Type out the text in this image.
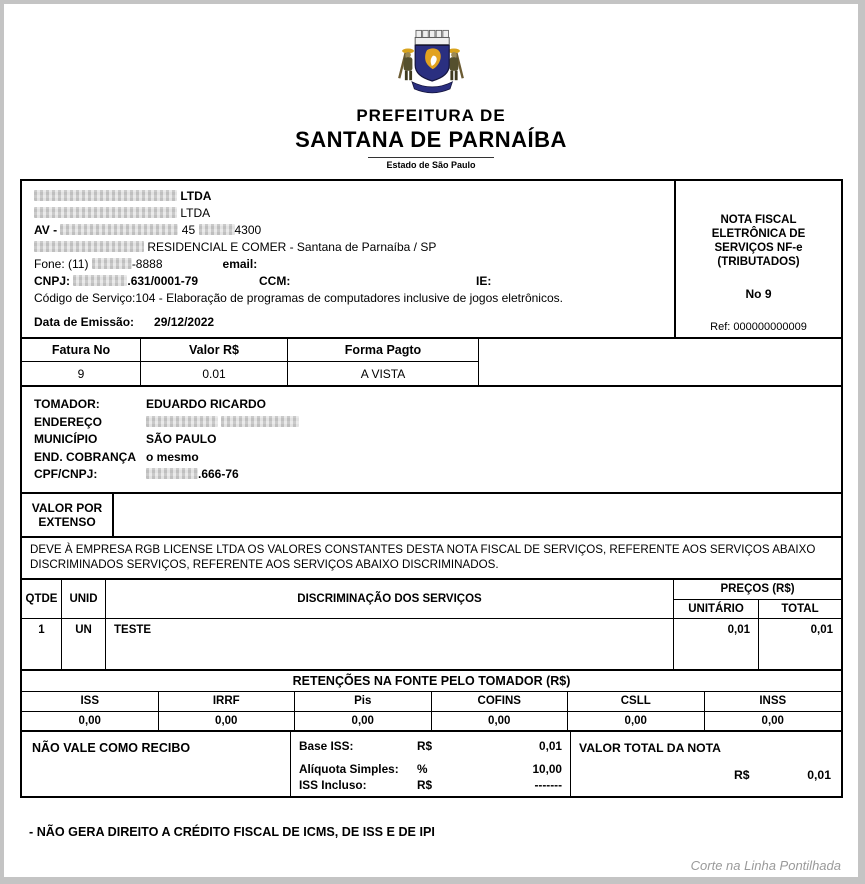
PREFEITURA DE
SANTANA DE PARNAÍBA
Estado de São Paulo
LTDA
LTDA
AV -	45	4300
RESIDENCIAL E COMER - Santana de Parnaíba / SP
Fone: (11)	-8888	email:
CNPJ:	.631/0001-79	CCM:	IE:
Código de Serviço:104 - Elaboração de programas de computadores inclusive de jogos eletrônicos.
Data de Emissão: 29/12/2022
NOTA FISCAL
ELETRÔNICA DE
SERVIÇOS NF-e
(TRIBUTADOS)
No 9
Ref: 000000000009
Fatura No	Valor R$	Forma Pagto
9	0.01	A VISTA
TOMADOR:	EDUARDO RICARDO
ENDEREÇO

MUNICÍPIO	SÃO PAULO
END. COBRANÇA o mesmo
CPF/CNPJ:	.666-76
VALOR POR
EXTENSO
DEVE À EMPRESA RGB LICENSE LTDA OS VALORES CONSTANTES DESTA NOTA FISCAL DE SERVIÇOS, REFERENTE AOS SERVIÇOS ABAIXO DISCRIMINADOS SERVIÇOS, REFERENTE AOS SERVIÇOS ABAIXO DISCRIMINADOS.
QTDE	UNID	DISCRIMINAÇÃO DOS SERVIÇOS
PREÇOS (R$)
UNITÁRIO	TOTAL
1	UN	TESTE	0,01	0,01
RETENÇÕES NA FONTE PELO TOMADOR (R$)
ISS	IRRF	Pis	COFINS	CSLL	INSS
0,00	0,00	0,00	0,00	0,00	0,00
NÃO VALE COMO RECIBO	Base ISS:	R$	0,01
Alíquota Simples:	%	10,00
ISS Incluso:	R$	-------
VALOR TOTAL DA NOTA
R$	0,01
- NÃO GERA DIREITO A CRÉDITO FISCAL DE ICMS, DE ISS E DE IPI
Corte na Linha Pontilhada
